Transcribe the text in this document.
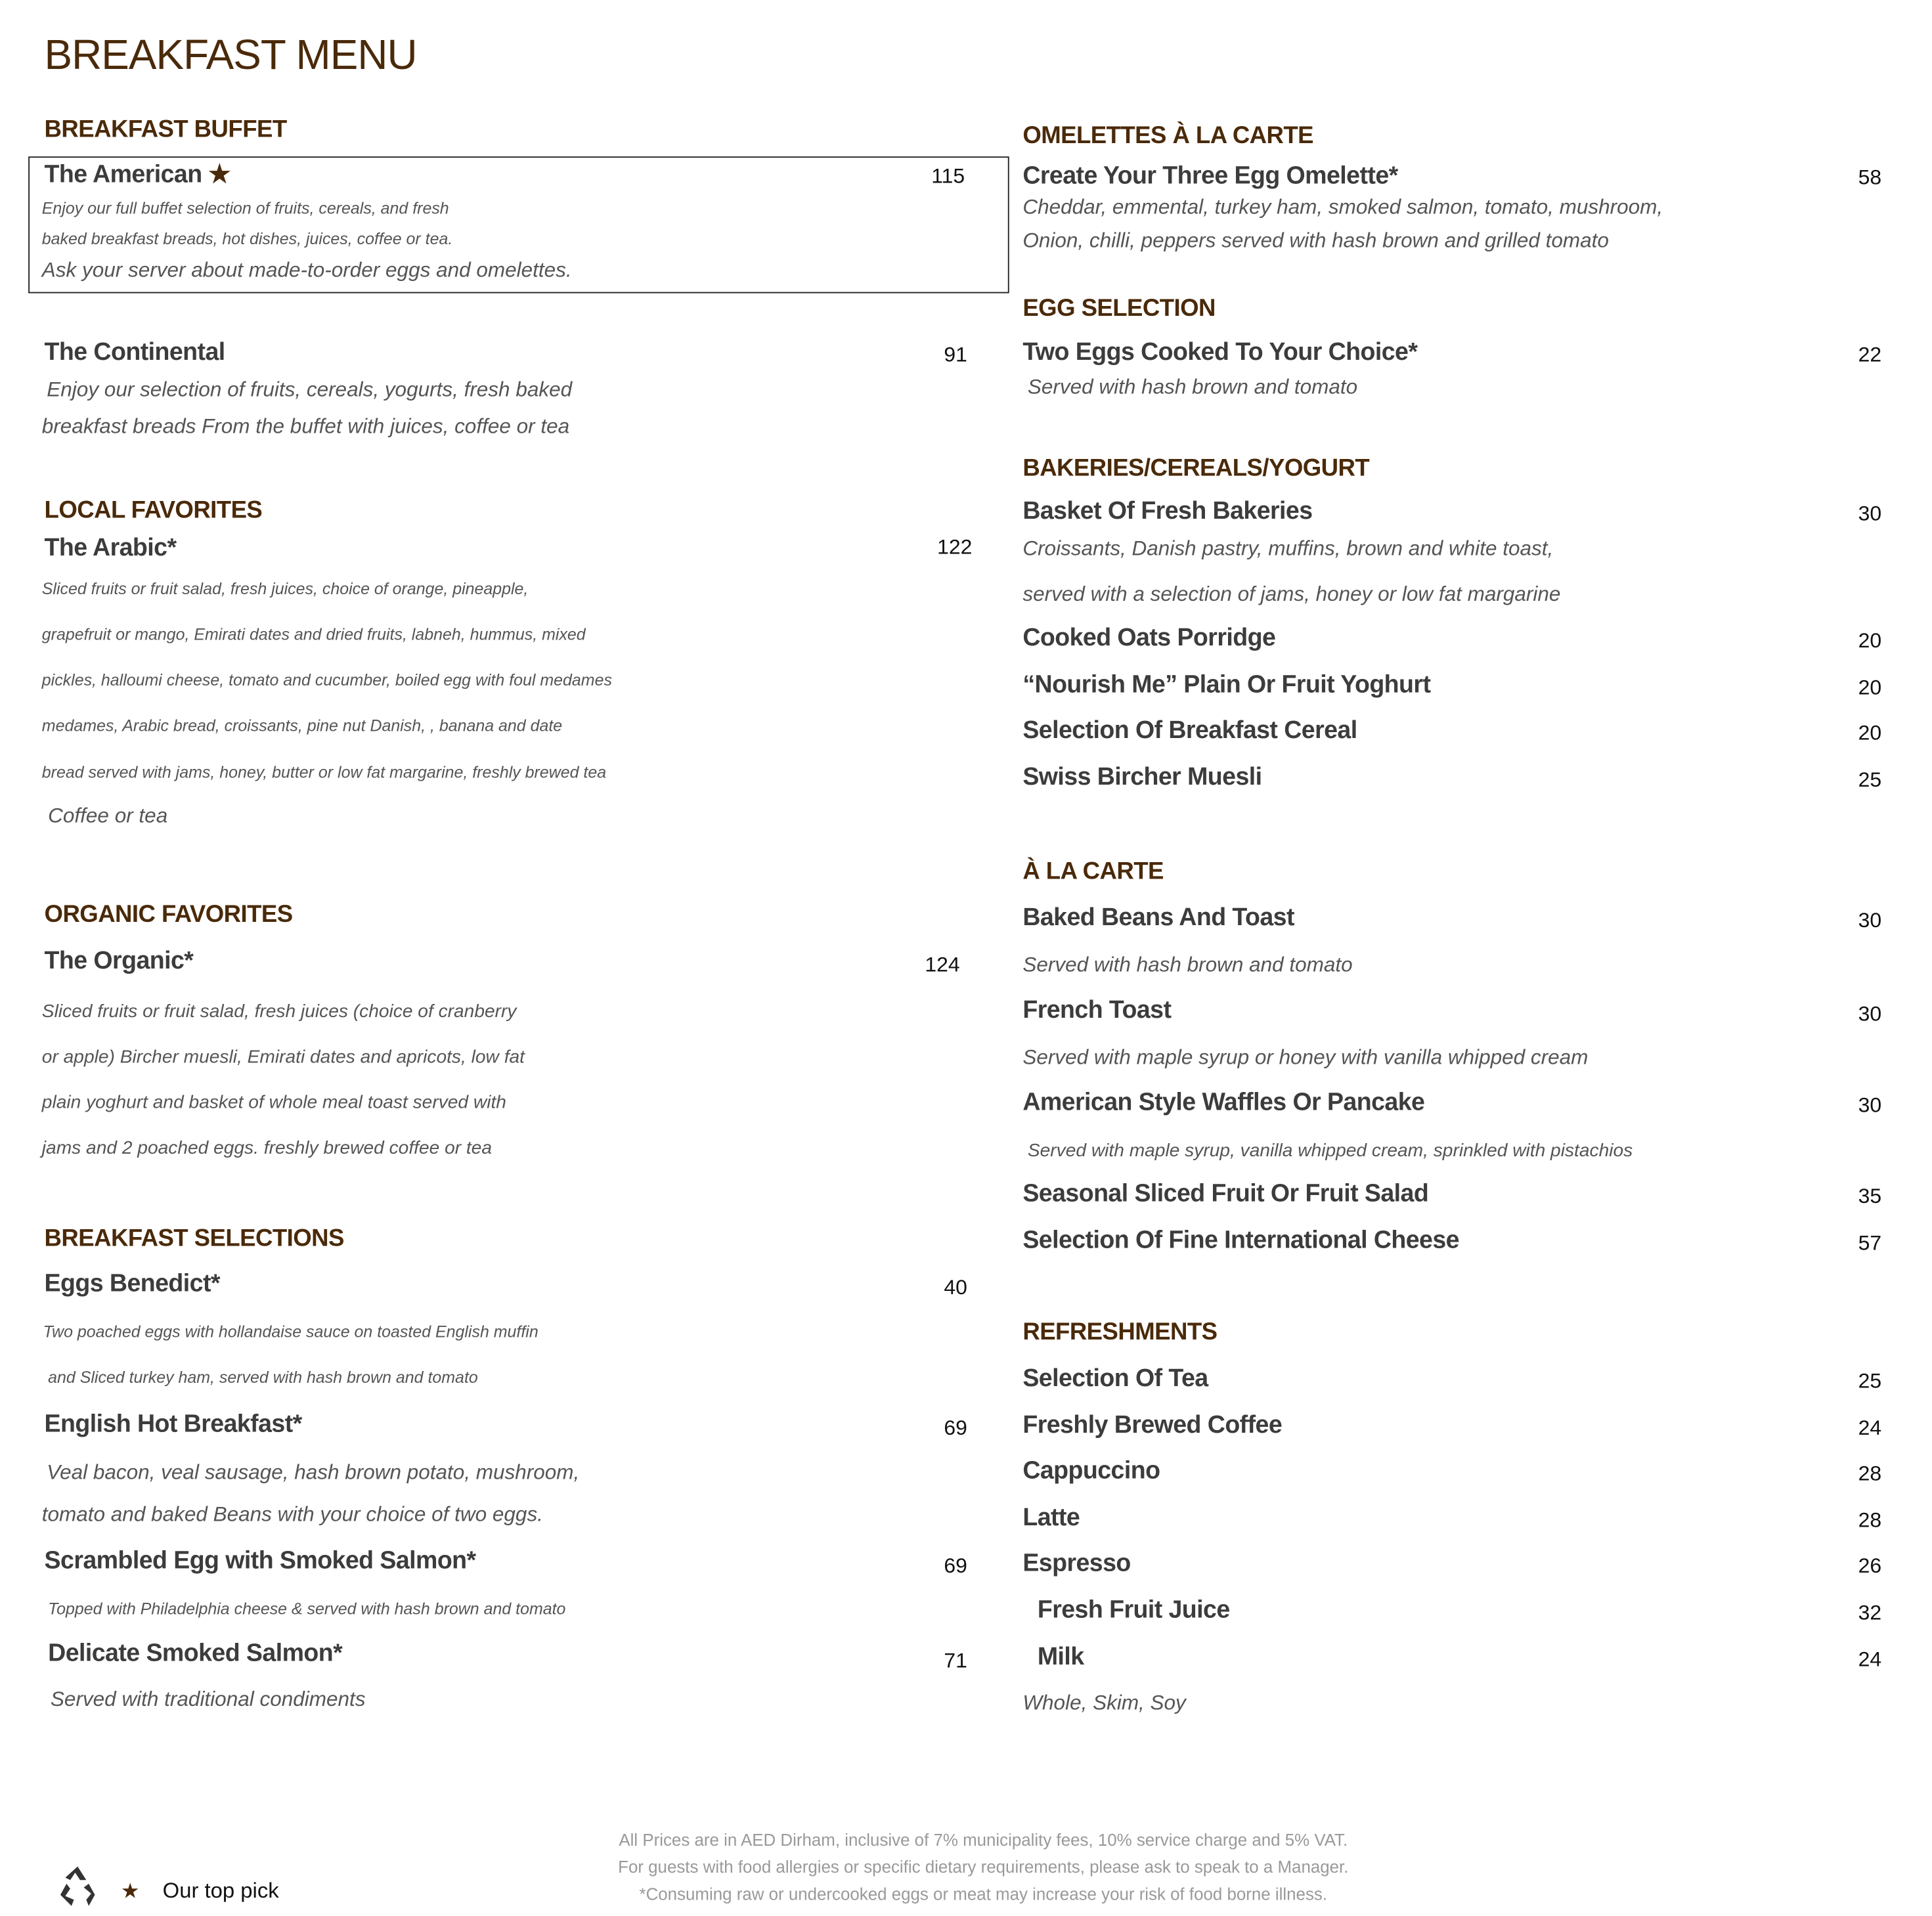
BREAKFAST MENU
All Prices are in AED Dirham, inclusive of 7% municipality fees, 10% service charge and 5% VAT.
For guests with food allergies or specific dietary requirements, please ask to speak to a Manager.
*Consuming raw or undercooked eggs or meat may increase your risk of food borne illness.
★ Our top pick
BREAKFAST BUFFET
The American ★	115
Enjoy our full buffet selection of fruits, cereals, and fresh
baked breakfast breads, hot dishes, juices, coffee or tea.
Ask your server about made-to-order eggs and omelettes.
The Continental	91
Enjoy our selection of fruits, cereals, yogurts, fresh baked
breakfast breads From the buffet with juices, coffee or tea
LOCAL FAVORITES
The Arabic*	122
Sliced fruits or fruit salad, fresh juices, choice of orange, pineapple,
grapefruit or mango, Emirati dates and dried fruits, labneh, hummus, mixed
pickles, halloumi cheese, tomato and cucumber, boiled egg with foul medames
medames, Arabic bread, croissants, pine nut Danish, , banana and date
bread served with jams, honey, butter or low fat margarine, freshly brewed tea
Coffee or tea
ORGANIC FAVORITES
The Organic*	124
Sliced fruits or fruit salad, fresh juices (choice of cranberry
or apple) Bircher muesli, Emirati dates and apricots, low fat
plain yoghurt and basket of whole meal toast served with
jams and 2 poached eggs. freshly brewed coffee or tea
BREAKFAST SELECTIONS
Eggs Benedict*	40
Two poached eggs with hollandaise sauce on toasted English muffin
and Sliced turkey ham, served with hash brown and tomato
English Hot Breakfast*	69
Veal bacon, veal sausage, hash brown potato, mushroom,
tomato and baked Beans with your choice of two eggs.
Scrambled Egg with Smoked Salmon*	69
Topped with Philadelphia cheese & served with hash brown and tomato
Delicate Smoked Salmon*	71
Served with traditional condiments
OMELETTES À LA CARTE
Create Your Three Egg Omelette*	58
Cheddar, emmental, turkey ham, smoked salmon, tomato, mushroom,
Onion, chilli, peppers served with hash brown and grilled tomato
EGG SELECTION
Two Eggs Cooked To Your Choice*	22
Served with hash brown and tomato
BAKERIES/CEREALS/YOGURT
Basket Of Fresh Bakeries	30
Croissants, Danish pastry, muffins, brown and white toast,
served with a selection of jams, honey or low fat margarine
Cooked Oats Porridge	20
“Nourish Me” Plain Or Fruit Yoghurt	20
Selection Of Breakfast Cereal	20
Swiss Bircher Muesli	25
À LA CARTE
Baked Beans And Toast	30
Served with hash brown and tomato
French Toast	30
Served with maple syrup or honey with vanilla whipped cream
American Style Waffles Or Pancake	30
Served with maple syrup, vanilla whipped cream, sprinkled with pistachios
Seasonal Sliced Fruit Or Fruit Salad	35
Selection Of Fine International Cheese	57
REFRESHMENTS
Selection Of Tea	25
Freshly Brewed Coffee	24
Cappuccino	28
Latte	28
Espresso	26
Fresh Fruit Juice	32
Milk	24
Whole, Skim, Soy
